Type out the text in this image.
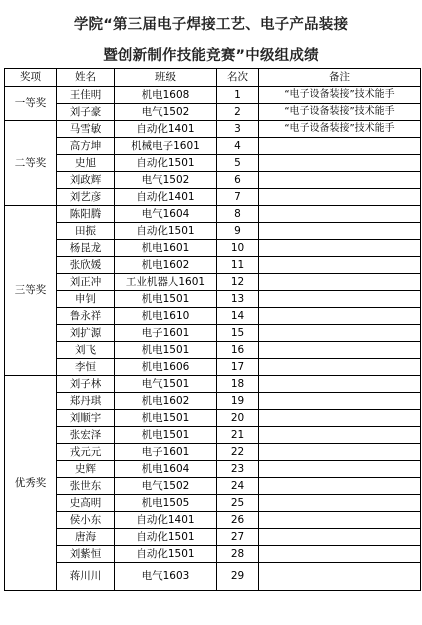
学院“第三届电子焊接工艺、电子产品装接
暨创新制作技能竞赛”中级组成绩
奖项	姓名	班级	名次	备注
一等奖	王佳明	机电1608	1	“电子设备装接”技术能手
	刘子豪	电气1502	2	“电子设备装接”技术能手
二等奖	马雪敏	自动化1401	3	“电子设备装接”技术能手
	高方坤	机械电子1601	4	
	史旭	自动化1501	5	
	刘政辉	电气1502	6	
	刘艺彦	自动化1401	7	
三等奖	陈阳腾	电气1604	8	
	田振	自动化1501	9	
	杨昆龙	机电1601	10	
	张欣媛	机电1602	11	
	刘正冲	工业机器人1601	12	
	申钊	机电1501	13	
	鲁永祥	机电1610	14	
	刘扩源	电子1601	15	
	刘飞	机电1501	16	
	李恒	机电1606	17	
优秀奖	刘子林	电气1501	18	
	郑丹琪	机电1602	19	
	刘顺宇	机电1501	20	
	张宏泽	机电1501	21	
	戎元元	电子1601	22	
	史辉	机电1604	23	
	张世东	电气1502	24	
	史高明	机电1505	25	
	侯小东	自动化1401	26	
	唐海	自动化1501	27	
	刘紫恒	自动化1501	28	
	蒋川川	电气1603	29	
